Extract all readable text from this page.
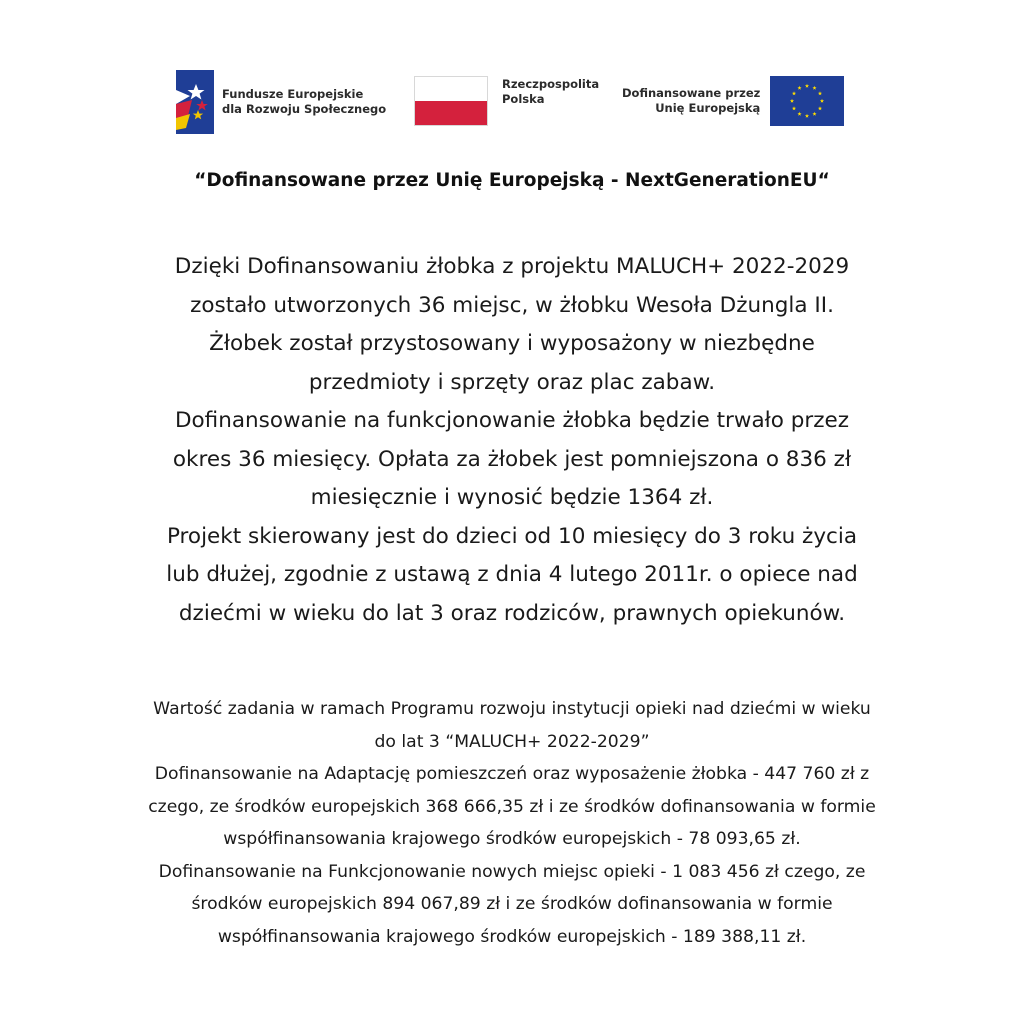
Fundusze Europejskie
dla Rozwoju Społecznego
Rzeczpospolita
Polska	Dofinansowane przez
Unię Europejską
“Dofinansowane przez Unię Europejską - NextGenerationEU“
Dzięki Dofinansowaniu żłobka z projektu MALUCH+ 2022-2029
zostało utworzonych 36 miejsc, w żłobku Wesoła Dżungla II.
Żłobek został przystosowany i wyposażony w niezbędne
przedmioty i sprzęty oraz plac zabaw.
Dofinansowanie na funkcjonowanie żłobka będzie trwało przez
okres 36 miesięcy. Opłata za żłobek jest pomniejszona o 836 zł
miesięcznie i wynosić będzie 1364 zł.
Projekt skierowany jest do dzieci od 10 miesięcy do 3 roku życia
lub dłużej, zgodnie z ustawą z dnia 4 lutego 2011r. o opiece nad
dziećmi w wieku do lat 3 oraz rodziców, prawnych opiekunów.
Wartość zadania w ramach Programu rozwoju instytucji opieki nad dziećmi w wieku
do lat 3 “MALUCH+ 2022-2029”
Dofinansowanie na Adaptację pomieszczeń oraz wyposażenie żłobka - 447 760 zł z
czego, ze środków europejskich 368 666,35 zł i ze środków dofinansowania w formie
współfinansowania krajowego środków europejskich - 78 093,65 zł.
Dofinansowanie na Funkcjonowanie nowych miejsc opieki - 1 083 456 zł czego, ze
środków europejskich 894 067,89 zł i ze środków dofinansowania w formie
współfinansowania krajowego środków europejskich - 189 388,11 zł.
